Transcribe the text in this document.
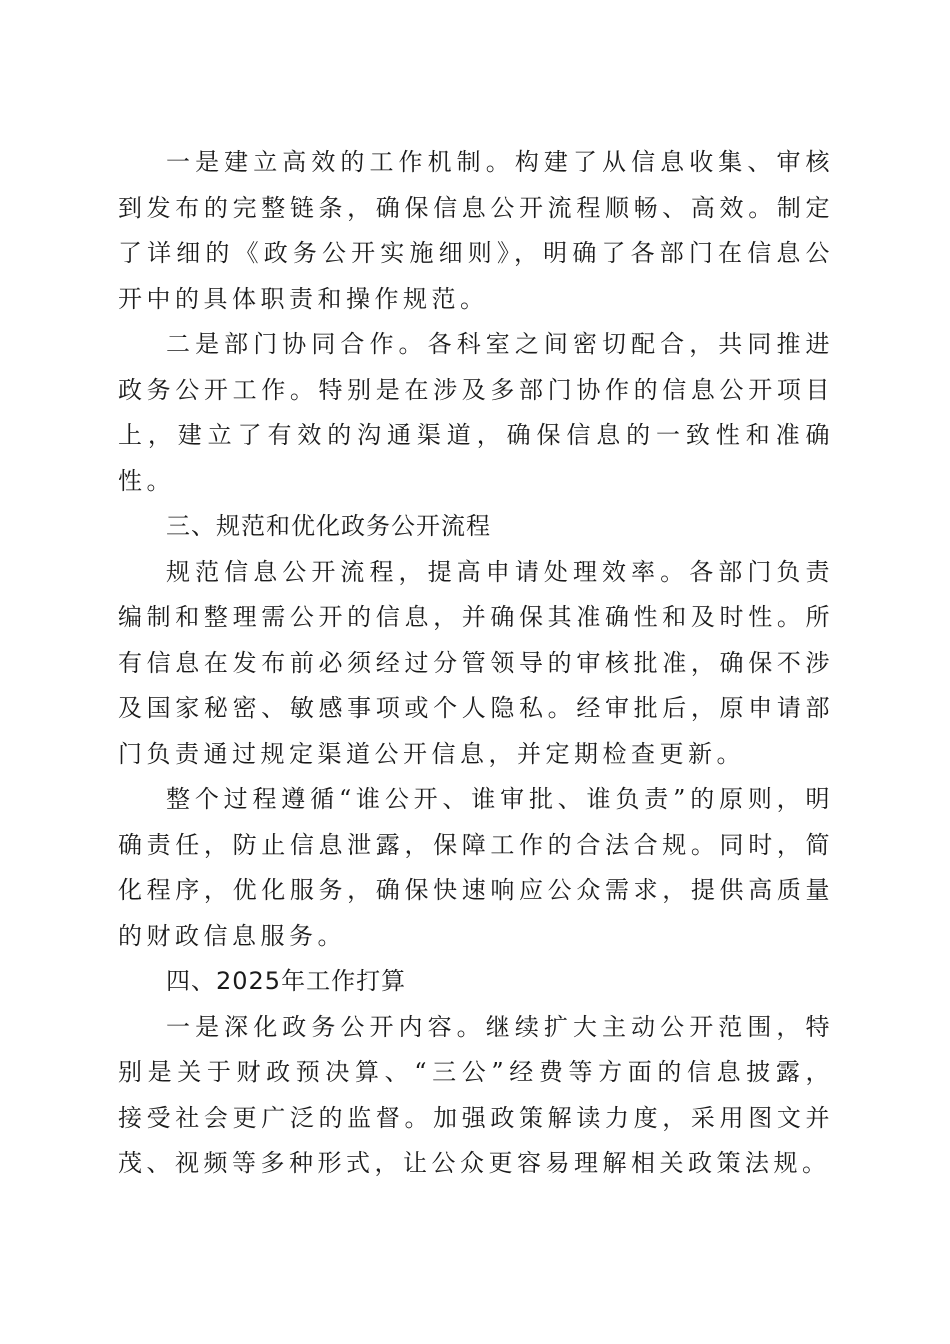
一是建立高效的工作机制。构建了从信息收集、审核到发布的完整链条，确保信息公开流程顺畅、高效。制定了详细的《政务公开实施细则》，明确了各部门在信息公开中的具体职责和操作规范。

二是部门协同合作。各科室之间密切配合，共同推进政务公开工作。特别是在涉及多部门协作的信息公开项目上，建立了有效的沟通渠道，确保信息的一致性和准确性。

三、规范和优化政务公开流程

规范信息公开流程，提高申请处理效率。各部门负责编制和整理需公开的信息，并确保其准确性和及时性。所有信息在发布前必须经过分管领导的审核批准，确保不涉及国家秘密、敏感事项或个人隐私。经审批后，原申请部门负责通过规定渠道公开信息，并定期检查更新。

整个过程遵循“谁公开、谁审批、谁负责”的原则，明确责任，防止信息泄露，保障工作的合法合规。同时，简化程序，优化服务，确保快速响应公众需求，提供高质量的财政信息服务。

四、2025年工作打算

一是深化政务公开内容。继续扩大主动公开范围，特别是关于财政预决算、“三公”经费等方面的信息披露，接受社会更广泛的监督。加强政策解读力度，采用图文并茂、视频等多种形式，让公众更容易理解相关政策法规。
